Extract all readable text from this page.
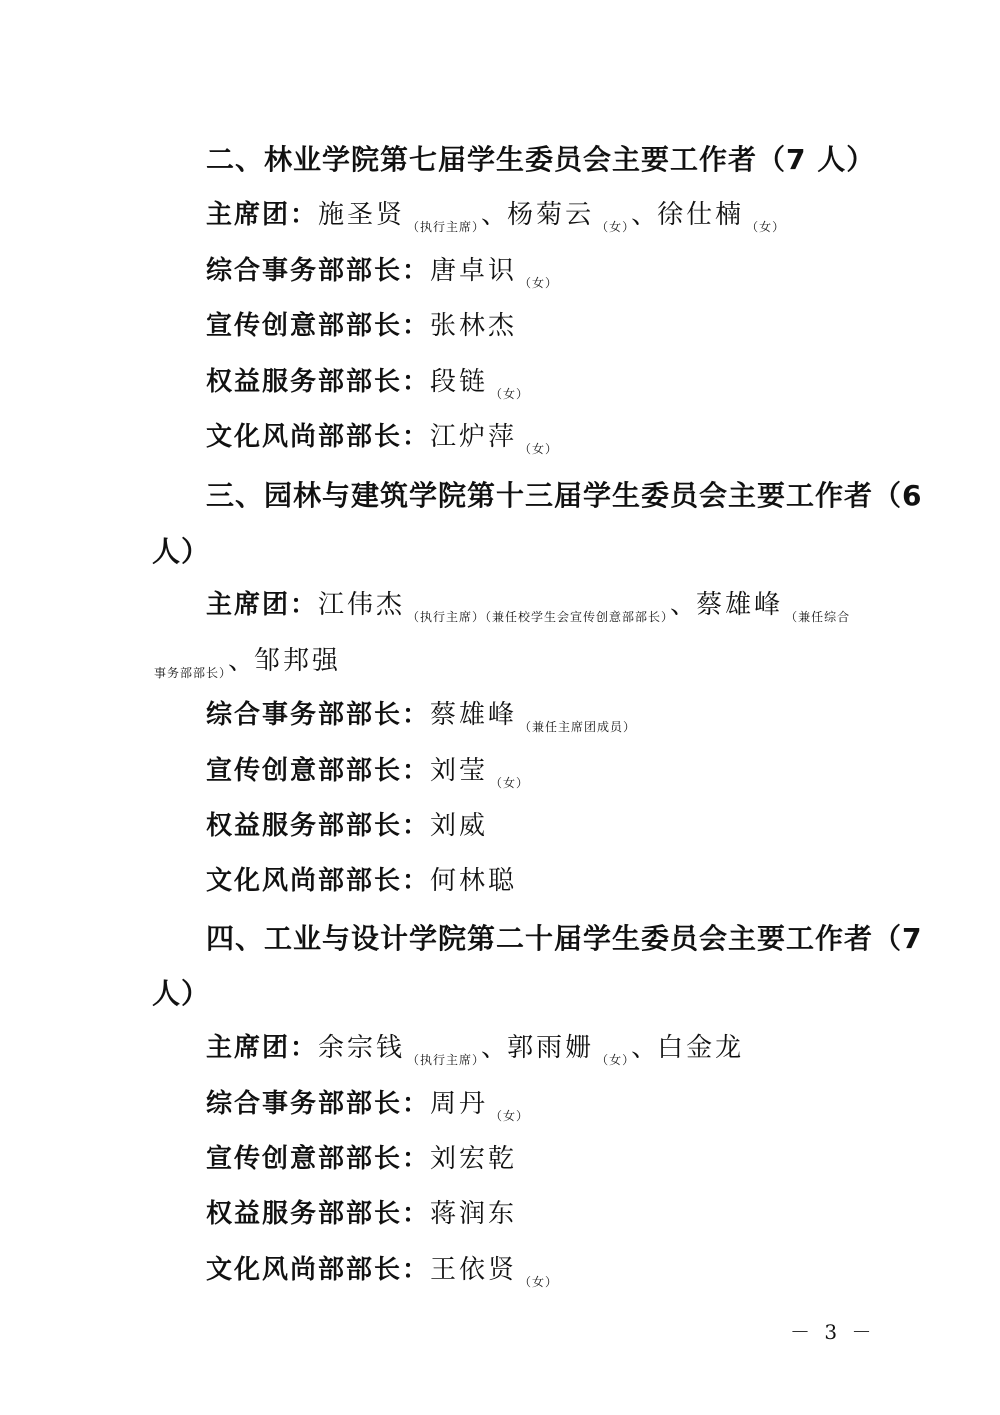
二、林业学院第七届学生委员会主要工作者（7 人）
主席团：施圣贤 $_{(执行主席)}$、杨菊云 $_{(女)}$、徐仕楠 $_{(女)}$
综合事务部部长：唐卓识 $_{(女)}$
宣传创意部部长：张林杰
权益服务部部长：段链 $_{(女)}$
文化风尚部部长：江炉萍 $_{(女)}$
三、园林与建筑学院第十三届学生委员会主要工作者（6
人）
主席团：江伟杰 $_{(执行主席)(兼任校学生会宣传创意部部长)}$、蔡雄峰 $_{(兼任综合}$
$_{事务部部长)}$、邹邦强
综合事务部部长：蔡雄峰 $_{(兼任主席团成员)}$
宣传创意部部长：刘莹 $_{(女)}$
权益服务部部长：刘威
文化风尚部部长：何林聪
四、工业与设计学院第二十届学生委员会主要工作者（7
人）
主席团：余宗钱 $_{(执行主席)}$、郭雨姗 $_{(女)}$、白金龙
综合事务部部长：周丹 $_{(女)}$
宣传创意部部长：刘宏乾
权益服务部部长：蒋润东
文化风尚部部长：王依贤 $_{(女)}$
－ 3 －
